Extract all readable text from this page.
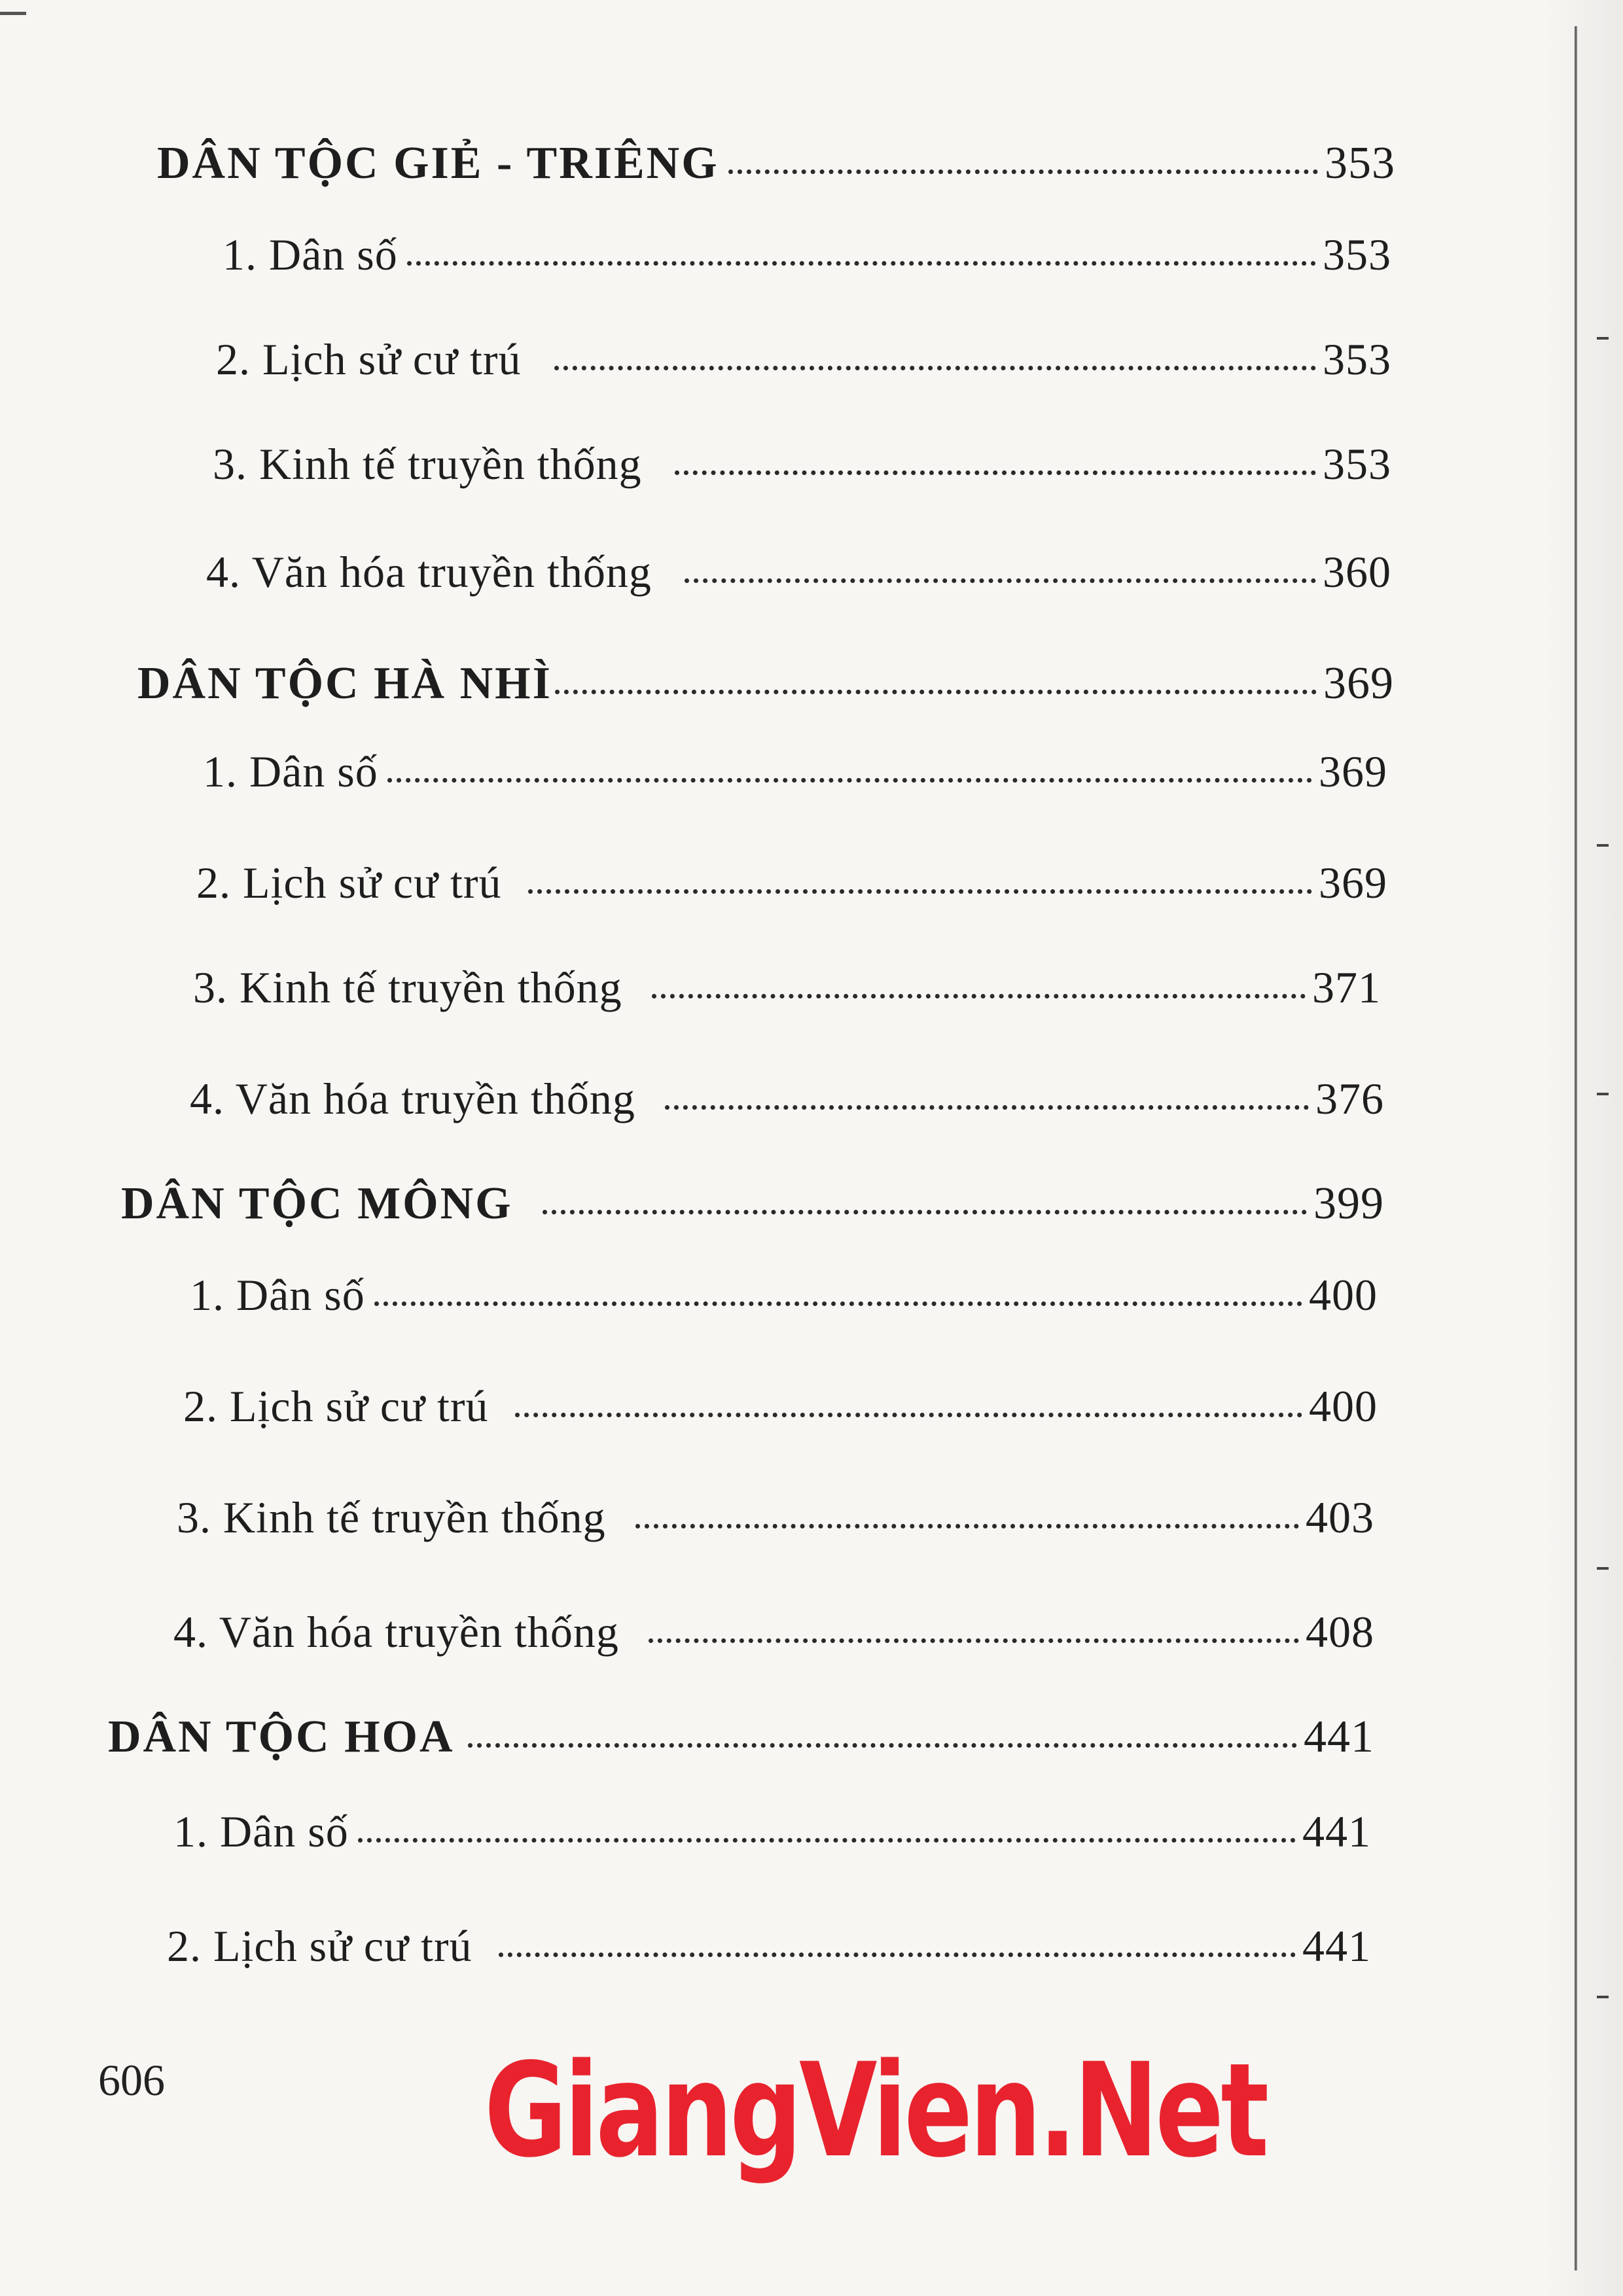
DÂN TỘC GIẺ - TRIÊNG	353
1. Dân số	353
2. Lịch sử cư trú	353
3. Kinh tế truyền thống	353
4. Văn hóa truyền thống	360
DÂN TỘC HÀ NHÌ	369
1. Dân số	369
2. Lịch sử cư trú	369
3. Kinh tế truyền thống	371
4. Văn hóa truyền thống	376
DÂN TỘC MÔNG	399
1. Dân số	400
2. Lịch sử cư trú	400
3. Kinh tế truyền thống	403
4. Văn hóa truyền thống	408
DÂN TỘC HOA	441
1. Dân số	441
2. Lịch sử cư trú	441
606 GiangVien.Net
